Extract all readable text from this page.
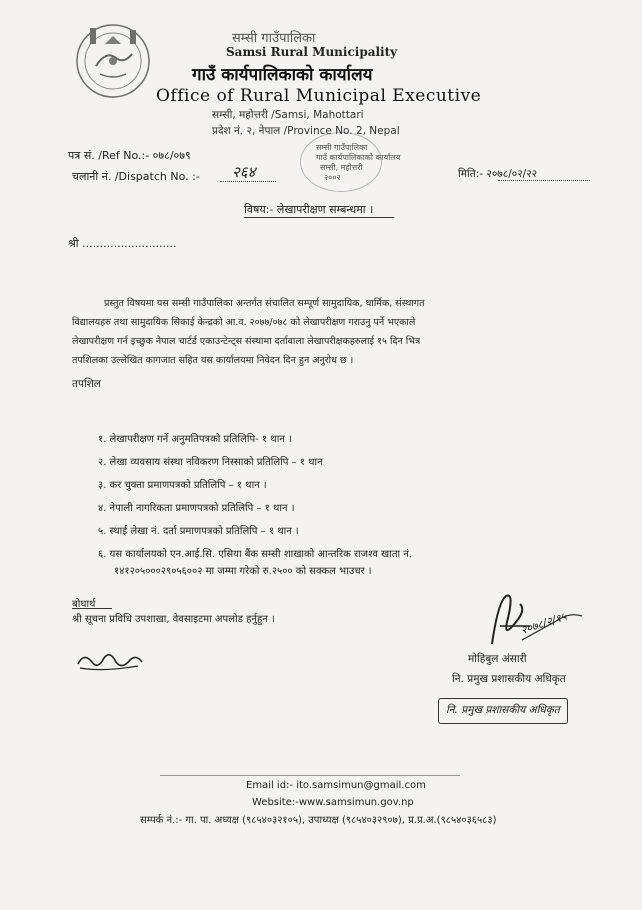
सम्सी गाउँपालिका
Samsi Rural Municipality
गाउँ कार्यपालिकाको कार्यालय
Office of Rural Municipal Executive
सम्सी, महोत्तरी /Samsi, Mahottari
प्रदेश नं. २, नेपाल /Province No. 2, Nepal
सम्सी गाउँपालिका
गाउँ कार्यपालिकाको कार्यालय
सम्सी, महोत्तरी
२००२
पत्र सं. /Ref No.:- ०७८/०७९
चलानी नं. /Dispatch No. :- २६४	मिति:- २०७८/०२/२२
विषय:- लेखापरीक्षण सम्बन्धमा ।
श्री ...........................
प्रस्तुत विषयमा यस सम्सी गाउँपालिका अन्तर्गत संचालित सम्पूर्ण सामुदायिक, धार्मिक, संस्थागत
विद्यालयहरु तथा सामुदायिक सिकाई केन्द्रको आ.व. २०७७/०७८ को लेखापरीक्षण गराउनु पर्ने भएकाले
लेखापरीक्षण गर्न इच्छुक नेपाल चार्टर्ड एकाउन्टेन्ट्स संस्थामा दर्तावाला लेखापरीक्षकहरुलाई १५ दिन भित्र
तपशिलका उल्लेखित कागजात सहित यस कार्यालयमा निवेदन दिन हुन अनुरोध छ ।
तपशिल
१. लेखापरीक्षण गर्ने अनुमतिपत्रको प्रतिलिपि- १ थान ।
२. लेखा व्यवसाय संस्था नविकरण निस्साको प्रतिलिपि – १ थान
३. कर चुक्ता प्रमाणपत्रको प्रतिलिपि – १ थान ।
४. नेपाली नागरिकता प्रमाणपत्रको प्रतिलिपि – १ थान ।
५. स्थाई लेखा नं. दर्ता प्रमाणपत्रको प्रतिलिपि – १ थान ।
६. यस कार्यालयको एन.आई.सि. एसिया बैंक सम्सी शाखाको आन्तरिक राजश्व खाता नं.
१४१२०५०००२९०५६००२ मा जम्मा गरेको रु.२५०० को सक्कल भाउचर ।
बोधार्थ
श्री सूचना प्रविधि उपशाखा, वेवसाइटमा अपलोड हर्नुहुन ।	२०७८/२/१५
मोहिबुल अंसारी
नि. प्रमुख प्रशासकीय अधिकृत
नि. प्रमुख प्रशासकीय अधिकृत
Email id:- ito.samsimun@gmail.com
Website:-www.samsimun.gov.np
सम्पर्क नं.:- गा. पा. अध्यक्ष (९८५४०३२१०५), उपाध्यक्ष (९८५४०३२९०७), प्र.प्र.अ.(९८५४०३६५८३)
